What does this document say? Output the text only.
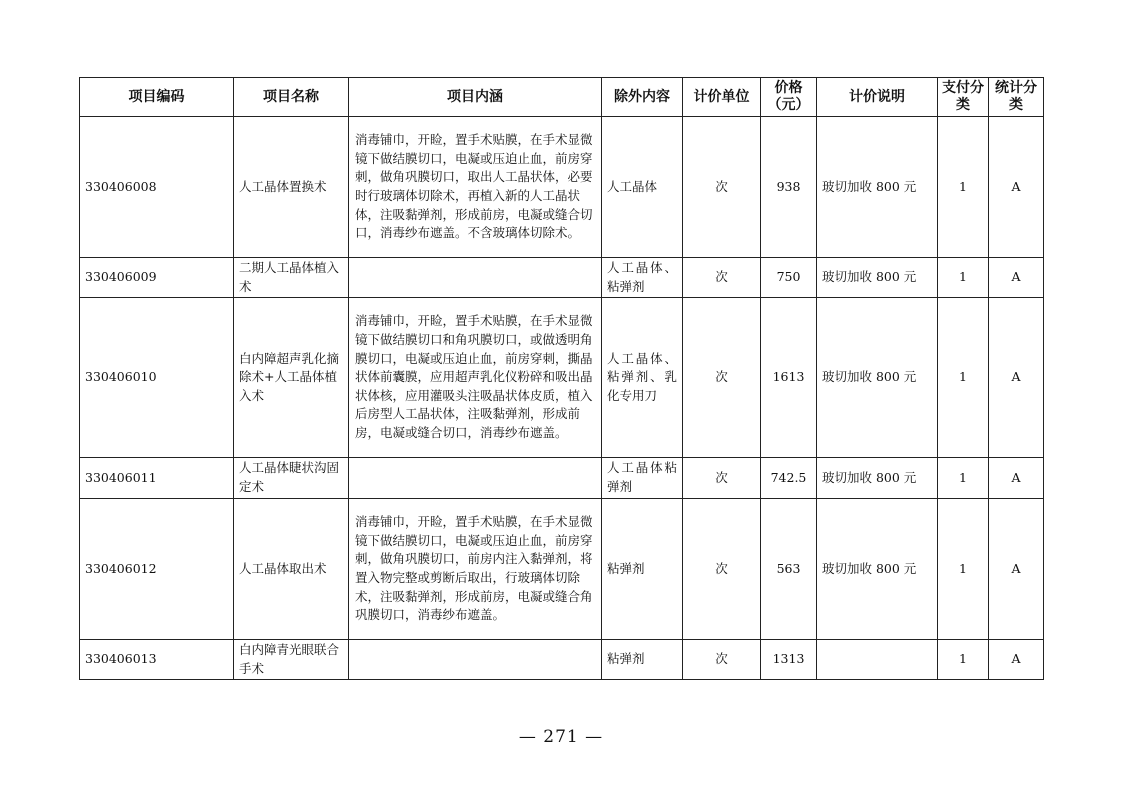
项目编码	项目名称	项目内涵	除外内容	计价单位	价格（元）	计价说明	支付分类	统计分类
330406008	人工晶体置换术	消毒铺巾，开睑，置手术贴膜，在手术显微镜下做结膜切口，电凝或压迫止血，前房穿刺，做角巩膜切口，取出人工晶状体，必要时行玻璃体切除术，再植入新的人工晶状体，注吸黏弹剂，形成前房，电凝或缝合切口，消毒纱布遮盖。不含玻璃体切除术。	人工晶体	次	938	玻切加收 800 元	1	A
330406009	二期人工晶体植入术		人工晶体、粘弹剂	次	750	玻切加收 800 元	1	A
330406010	白内障超声乳化摘除术+人工晶体植入术	消毒铺巾，开睑，置手术贴膜，在手术显微镜下做结膜切口和角巩膜切口，或做透明角膜切口，电凝或压迫止血，前房穿刺，撕晶状体前囊膜，应用超声乳化仪粉碎和吸出晶状体核，应用灌吸头注吸晶状体皮质，植入后房型人工晶状体，注吸黏弹剂，形成前房，电凝或缝合切口，消毒纱布遮盖。	人工晶体、粘弹剂、乳化专用刀	次	1613	玻切加收 800 元	1	A
330406011	人工晶体睫状沟固定术		人工晶体粘弹剂	次	742.5	玻切加收 800 元	1	A
330406012	人工晶体取出术	消毒铺巾，开睑，置手术贴膜，在手术显微镜下做结膜切口，电凝或压迫止血，前房穿刺，做角巩膜切口，前房内注入黏弹剂，将置入物完整或剪断后取出，行玻璃体切除术，注吸黏弹剂，形成前房，电凝或缝合角巩膜切口，消毒纱布遮盖。	粘弹剂	次	563	玻切加收 800 元	1	A
330406013	白内障青光眼联合手术		粘弹剂	次	1313		1	A
— 271 —
